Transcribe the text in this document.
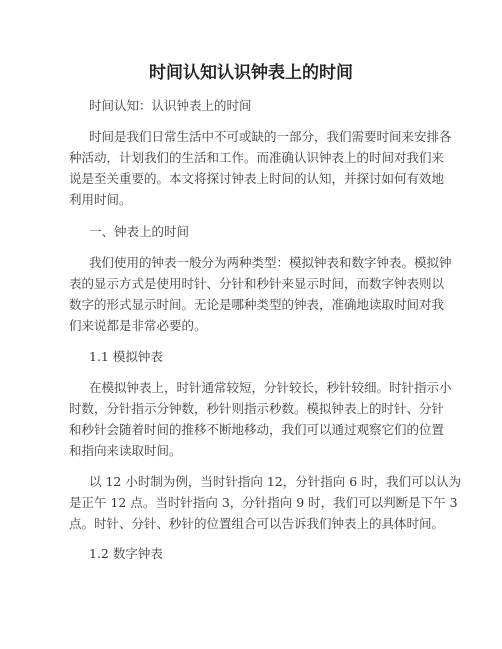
时间认知认识钟表上的时间

时间认知：认识钟表上的时间

时间是我们日常生活中不可或缺的一部分，我们需要时间来安排各
种活动，计划我们的生活和工作。而准确认识钟表上的时间对我们来
说是至关重要的。本文将探讨钟表上时间的认知，并探讨如何有效地
利用时间。

一、钟表上的时间

我们使用的钟表一般分为两种类型：模拟钟表和数字钟表。模拟钟
表的显示方式是使用时针、分针和秒针来显示时间，而数字钟表则以
数字的形式显示时间。无论是哪种类型的钟表，准确地读取时间对我
们来说都是非常必要的。

1.1 模拟钟表

在模拟钟表上，时针通常较短，分针较长，秒针较细。时针指示小
时数，分针指示分钟数，秒针则指示秒数。模拟钟表上的时针、分针
和秒针会随着时间的推移不断地移动，我们可以通过观察它们的位置
和指向来读取时间。

以 12 小时制为例，当时针指向 12，分针指向 6 时，我们可以认为
是正午 12 点。当时针指向 3，分针指向 9 时，我们可以判断是下午 3
点。时针、分针、秒针的位置组合可以告诉我们钟表上的具体时间。

1.2 数字钟表
